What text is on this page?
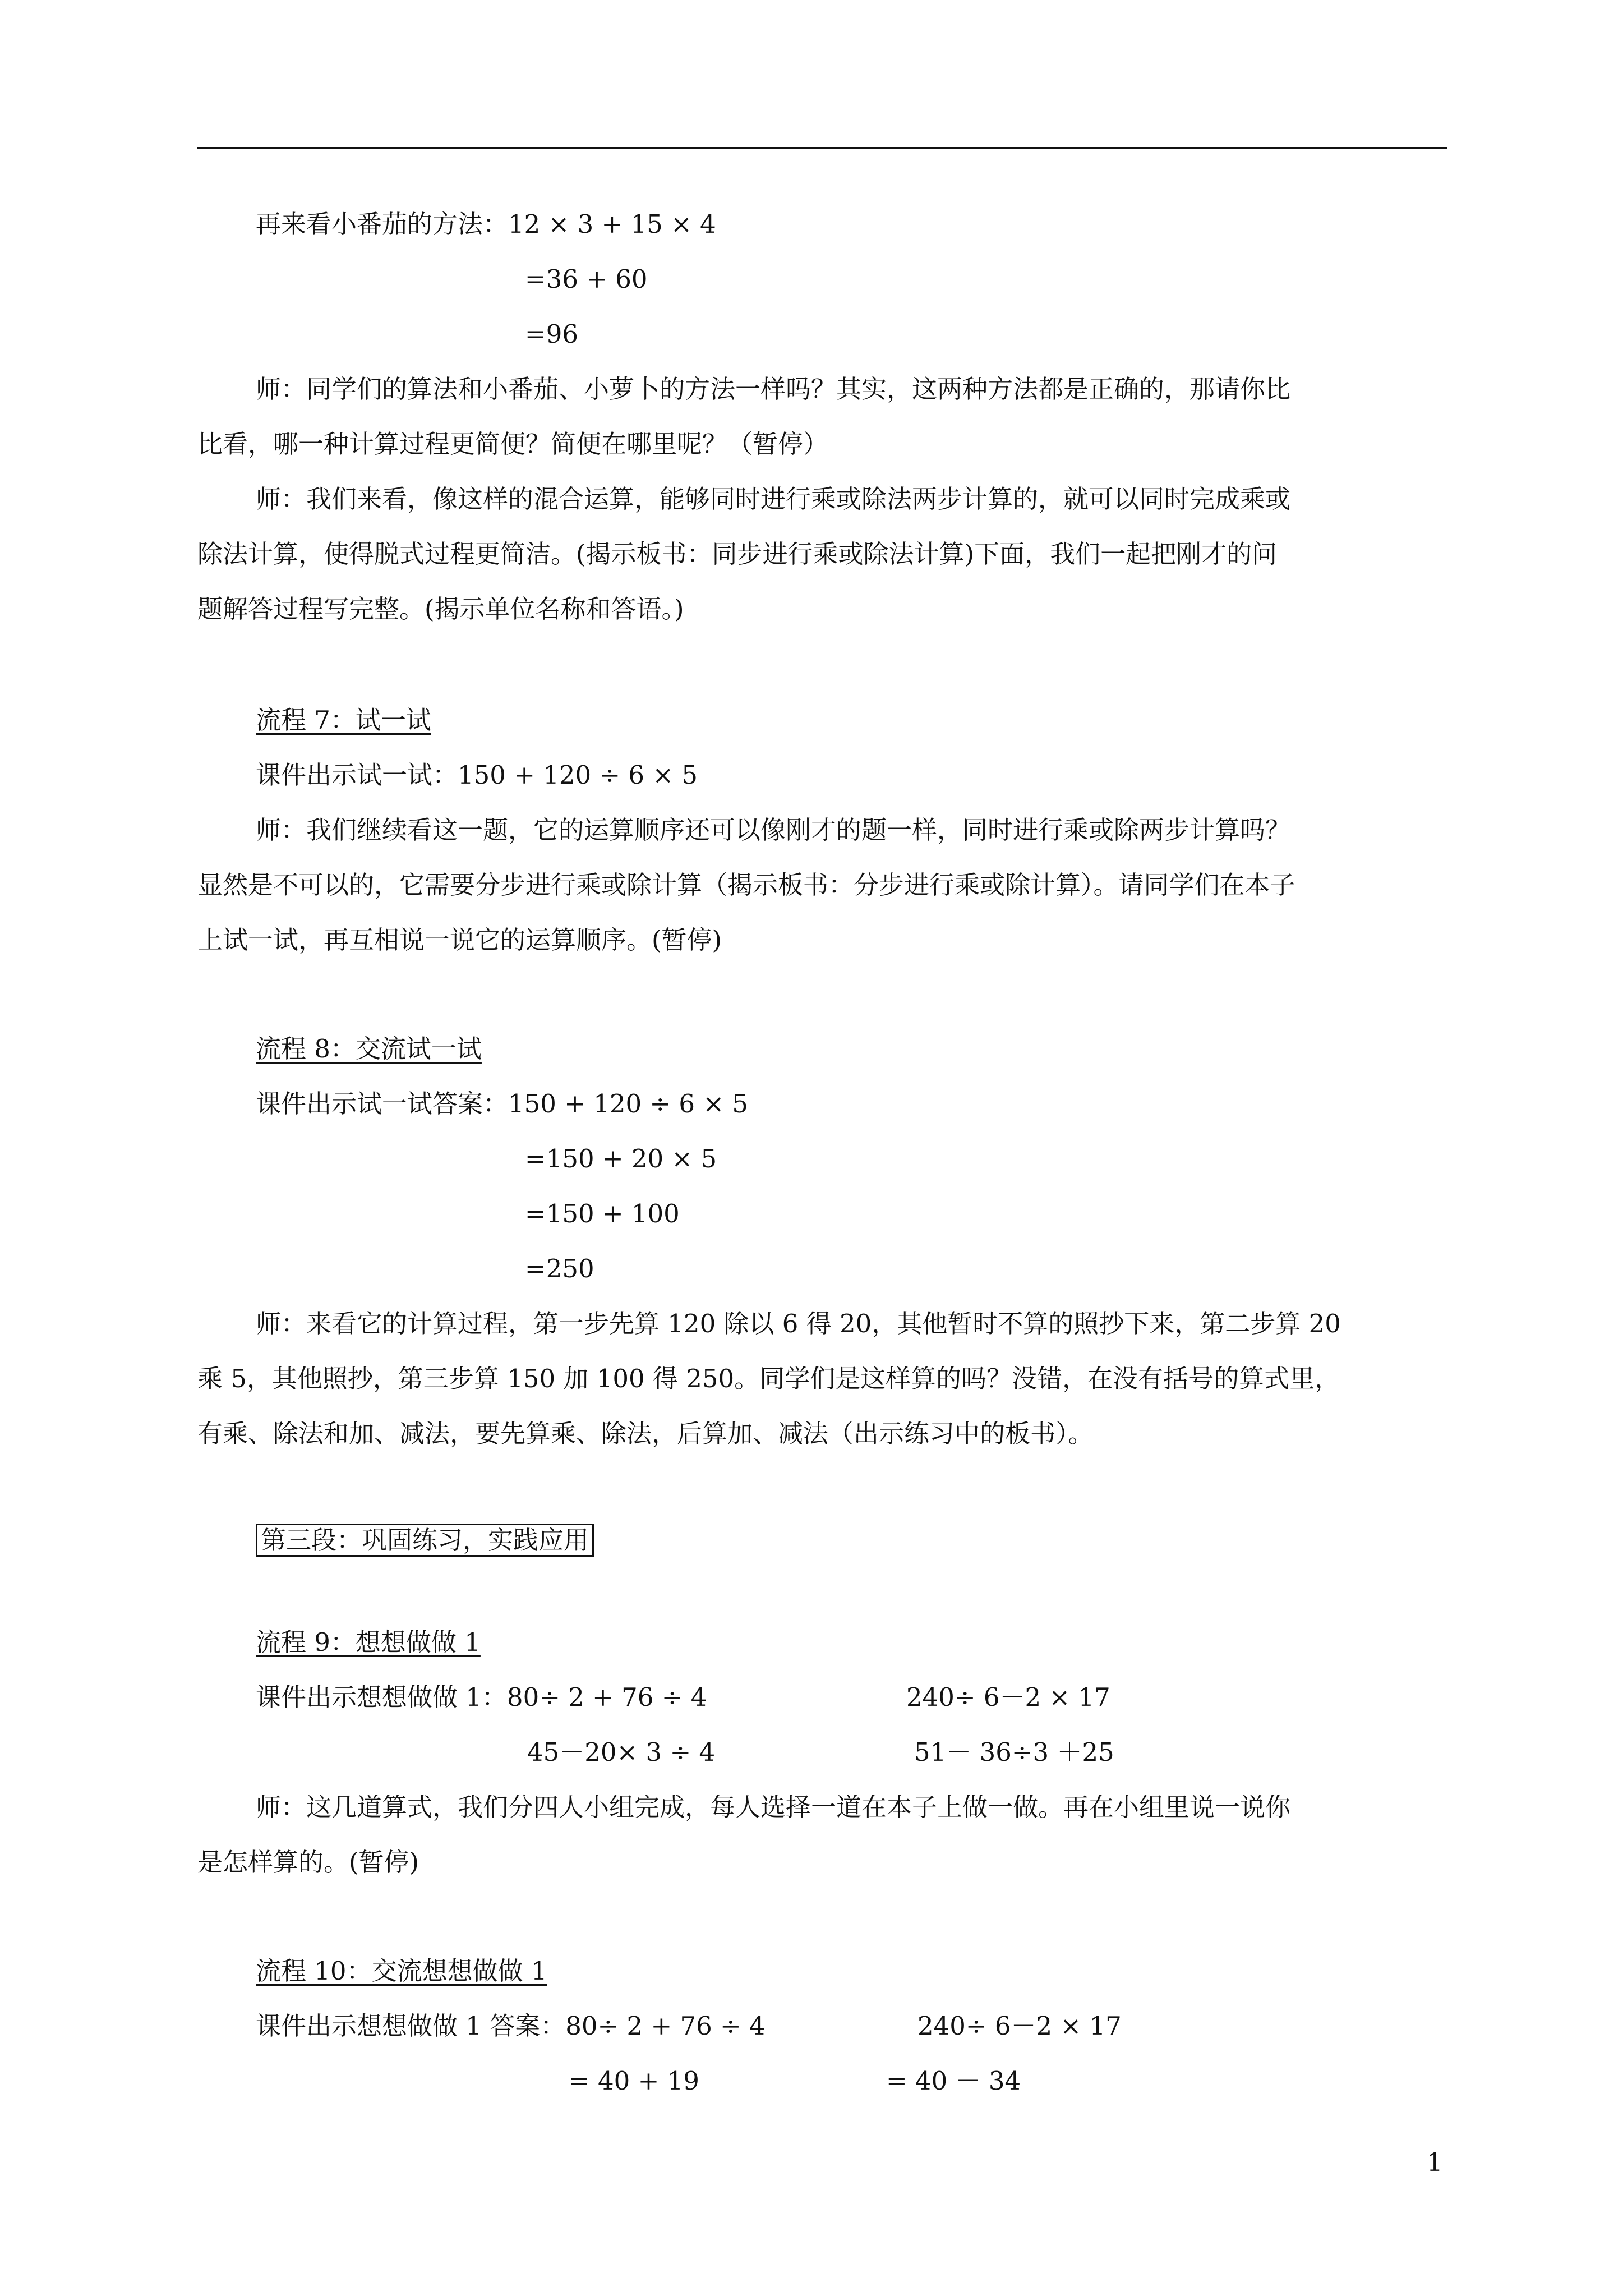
再来看小番茄的方法：12 × 3 + 15 × 4
=36 + 60
=96
师：同学们的算法和小番茄、小萝卜的方法一样吗？其实，这两种方法都是正确的，那请你比
比看，哪一种计算过程更简便？简便在哪里呢？（暂停）
师：我们来看，像这样的混合运算，能够同时进行乘或除法两步计算的，就可以同时完成乘或
除法计算，使得脱式过程更简洁。(揭示板书：同步进行乘或除法计算)下面，我们一起把刚才的问
题解答过程写完整。(揭示单位名称和答语。)
流程 7：试一试
课件出示试一试：150 + 120 ÷ 6 × 5
师：我们继续看这一题，它的运算顺序还可以像刚才的题一样，同时进行乘或除两步计算吗？
显然是不可以的，它需要分步进行乘或除计算（揭示板书：分步进行乘或除计算）。请同学们在本子
上试一试，再互相说一说它的运算顺序。(暂停)
流程 8：交流试一试
课件出示试一试答案：150 + 120 ÷ 6 × 5
=150 + 20 × 5
=150 + 100
=250
师：来看它的计算过程，第一步先算 120 除以 6 得 20，其他暂时不算的照抄下来，第二步算 20
乘 5，其他照抄，第三步算 150 加 100 得 250。同学们是这样算的吗？没错，在没有括号的算式里，
有乘、除法和加、减法，要先算乘、除法，后算加、减法（出示练习中的板书）。
第三段：巩固练习，实践应用
流程 9：想想做做 1
课件出示想想做做 1：80÷ 2 + 76 ÷ 4	240÷ 6－2 × 17
45－20× 3 ÷ 4	51－ 36÷3 ＋25
师：这几道算式，我们分四人小组完成，每人选择一道在本子上做一做。再在小组里说一说你
是怎样算的。(暂停)
流程 10：交流想想做做 1
课件出示想想做做 1 答案：80÷ 2 + 76 ÷ 4	240÷ 6－2 × 17
= 40 + 19	= 40 － 34
1
